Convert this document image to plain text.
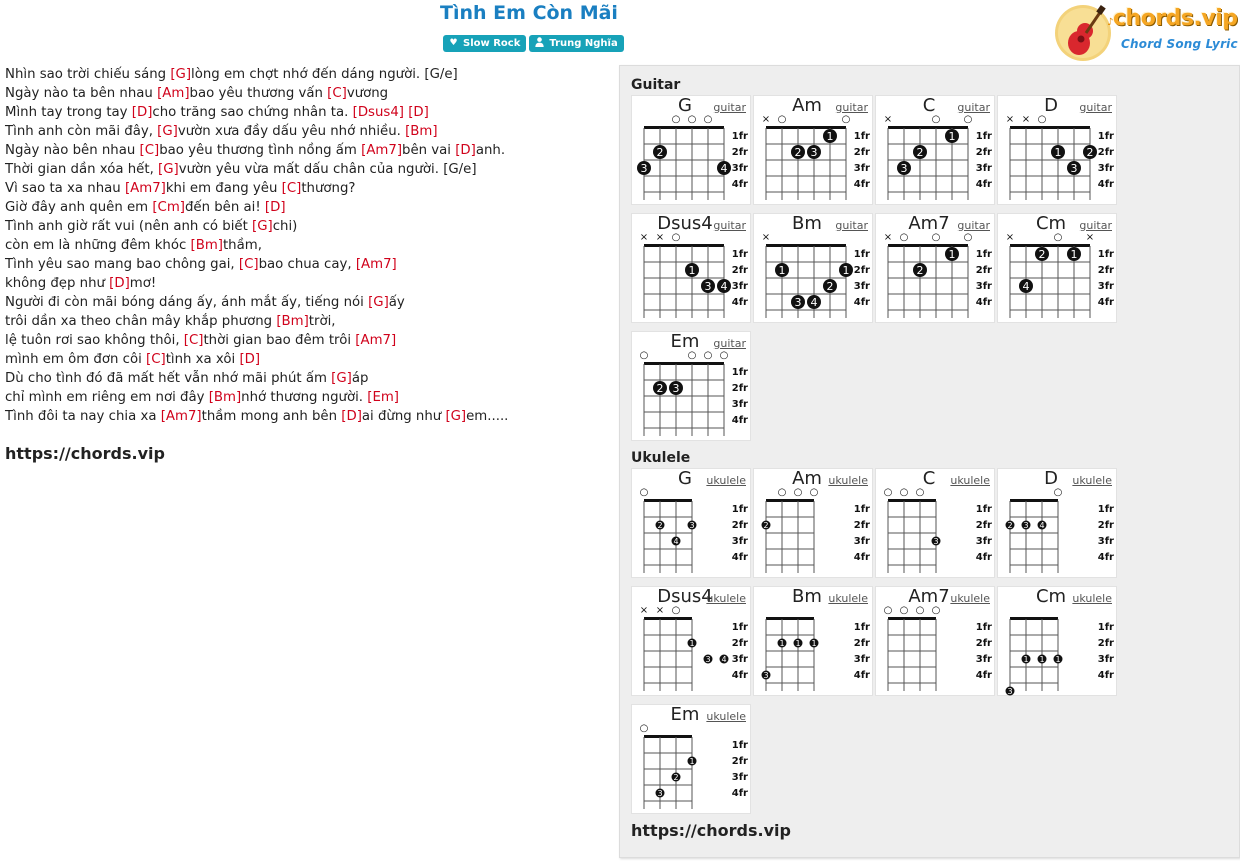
Tình Em Còn Mãi
♥ Slow Rock	Trung Nghĩa
♪ chords.vip
Chord Song Lyric
Nhìn sao trời chiếu sáng [G]lòng em chợt nhớ đến dáng người. [G/e]
Ngày nào ta bên nhau [Am]bao yêu thương vấn [C]vương
Mình tay trong tay [D]cho trăng sao chứng nhân ta. [Dsus4] [D]
Tình anh còn mãi đây, [G]vườn xưa đầy dấu yêu nhớ nhiều. [Bm]
Ngày nào bên nhau [C]bao yêu thương tình nồng ấm [Am7]bên vai [D]anh.
Thời gian dần xóa hết, [G]vườn yêu vừa mất dấu chân của người. [G/e]
Vì sao ta xa nhau [Am7]khi em đang yêu [C]thương?
Giờ đây anh quên em [Cm]đến bên ai! [D]
Tình anh giờ rất vui (nên anh có biết [G]chi)
còn em là những đêm khóc [Bm]thầm,
Tình yêu sao mang bao chông gai, [C]bao chua cay, [Am7]
không đẹp như [D]mơ!
Người đi còn mãi bóng dáng ấy, ánh mắt ấy, tiếng nói [G]ấy
trôi dần xa theo chân mây khắp phương [Bm]trời,
lệ tuôn rơi sao không thôi, [C]thời gian bao đêm trôi [Am7]
mình em ôm đơn côi [C]tình xa xôi [D]
Dù cho tình đó đã mất hết vẫn nhớ mãi phút ấm [G]áp
chỉ mình em riêng em nơi đây [Bm]nhớ thương người. [Em]
Tình đôi ta nay chia xa [Am7]thầm mong anh bên [D]ai đừng như [G]em.....
https://chords.vip
Guitar
○ ○ ○
1fr
2fr
3fr
4fr
2
3	4
G	guitar
× ○	○
1fr
2fr
3fr
4fr
1
2 3
Am	guitar
×	○ ○
1fr
2fr
3fr
4fr
1
2
3
C	guitar
× × ○
1fr
2fr
3fr
4fr
1 2
3
D	guitar
× × ○
1fr
2fr
3fr
4fr
1
3 4
Dsus4 guitar
×
1fr
2fr
3fr
4fr
1	1
2
3 4
Bm	guitar
× ○ ○ ○
1fr
2fr
3fr
4fr
1
2
Am7 guitar
×	○ ×
1fr
2fr
3fr
4fr
2 1
4
Cm	guitar
○	○ ○ ○
1fr
2fr
3fr
4fr
2 3
Em	guitar
Ukulele
○
1fr
2fr
3fr
4fr
2	3
4
G	ukulele
○ ○ ○
1fr
2fr
3fr
4fr
2
Am ukulele
○ ○ ○
1fr
2fr
3fr
4fr
3
C	ukulele
○
1fr
2fr
3fr
4fr
2 3 4
D	ukulele
× × ○
1fr
2fr
3fr
4fr
1
3 4
Dsus4
ukulele
1fr
2fr
3fr
4fr
1 1 1
3
Bm ukulele
○ ○ ○ ○
1fr
2fr
3fr
4fr
Am7 ukulele
1fr
2fr
3fr
4fr
1 1 1
3
Cm ukulele
○
1fr
2fr
3fr
4fr
1
2
3
Em ukulele
https://chords.vip
